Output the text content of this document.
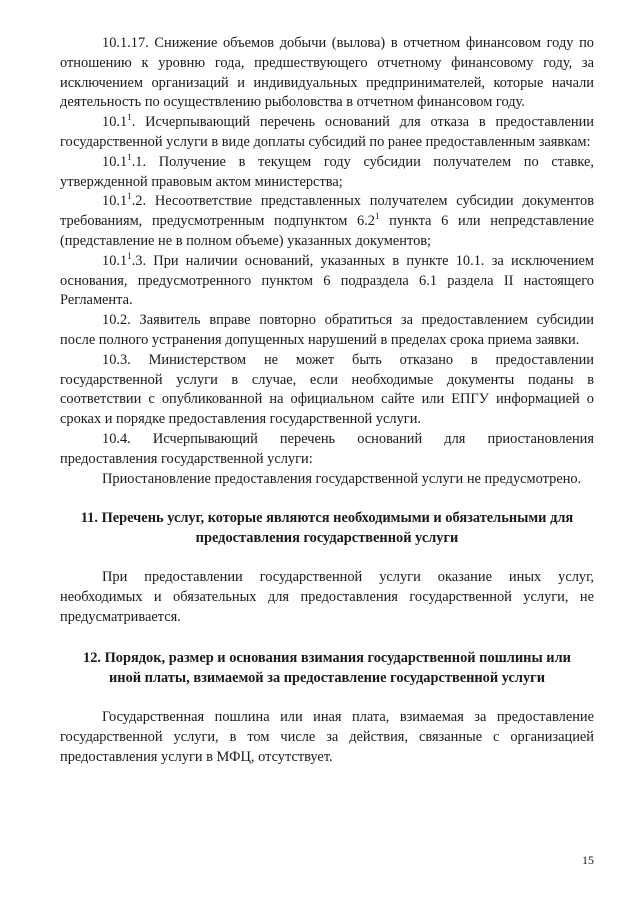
10.1.17. Снижение объемов добычи (вылова) в отчетном финансовом году по отношению к уровню года, предшествующего отчетному финансовому году, за исключением организаций и индивидуальных предпринимателей, которые начали деятельность по осуществлению рыболовства в отчетном финансовом году.

10.1$^1$. Исчерпывающий перечень оснований для отказа в предоставлении государственной услуги в виде доплаты субсидий по ранее предоставленным заявкам:

10.1$^1$.1. Получение в текущем году субсидии получателем по ставке, утвержденной правовым актом министерства;

10.1$^1$.2. Несоответствие представленных получателем субсидии документов требованиям, предусмотренным подпунктом $6.2^1$ пункта 6 или непредставление (представление не в полном объеме) указанных документов;

10.1$^1$.3. При наличии оснований, указанных в пункте 10.1. за исключением основания, предусмотренного пунктом 6 подраздела 6.1 раздела II настоящего Регламента.

10.2. Заявитель вправе повторно обратиться за предоставлением субсидии после полного устранения допущенных нарушений в пределах срока приема заявки.

10.3. Министерством не может быть отказано в предоставлении государственной услуги в случае, если необходимые документы поданы в соответствии с опубликованной на официальном сайте или ЕПГУ информацией о сроках и порядке предоставления государственной услуги.

10.4. Исчерпывающий перечень оснований для приостановления предоставления государственной услуги:

Приостановление предоставления государственной услуги не предусмотрено.

11. Перечень услуг, которые являются необходимыми и обязательными для
предоставления государственной услуги

При предоставлении государственной услуги оказание иных услуг, необходимых и обязательных для предоставления государственной услуги, не предусматривается.

12. Порядок, размер и основания взимания государственной пошлины или
иной платы, взимаемой за предоставление государственной услуги

Государственная пошлина или иная плата, взимаемая за предоставление государственной услуги, в том числе за действия, связанные с организацией предоставления услуги в МФЦ, отсутствует.

15
